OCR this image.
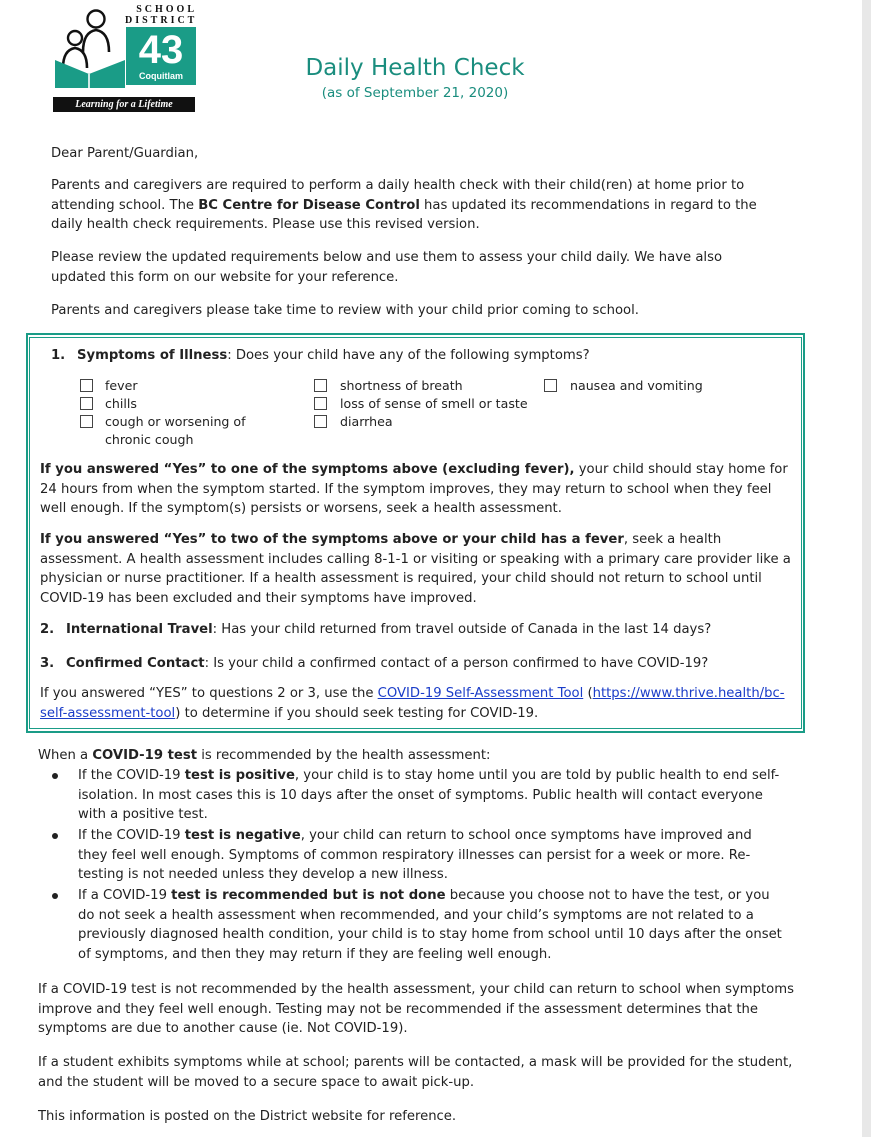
SCHOOL
DISTRICT
43
Coquitlam
Learning for a Lifetime
Daily Health Check
(as of September 21, 2020)

Dear Parent/Guardian,

Parents and caregivers are required to perform a daily health check with their child(ren) at home prior to attending school. The BC Centre for Disease Control has updated its recommendations in regard to the daily health check requirements. Please use this revised version.

Please review the updated requirements below and use them to assess your child daily. We have also updated this form on our website for your reference.

Parents and caregivers please take time to review with your child prior coming to school.

1. Symptoms of Illness: Does your child have any of the following symptoms?

fever
chills
cough or worsening of
chronic cough
shortness of breath
loss of sense of smell or taste
diarrhea
nausea and vomiting

If you answered “Yes” to one of the symptoms above (excluding fever), your child should stay home for 24 hours from when the symptom started. If the symptom improves, they may return to school when they feel well enough. If the symptom(s) persists or worsens, seek a health assessment.

If you answered “Yes” to two of the symptoms above or your child has a fever, seek a health assessment. A health assessment includes calling 8-1-1 or visiting or speaking with a primary care provider like a physician or nurse practitioner. If a health assessment is required, your child should not return to school until COVID-19 has been excluded and their symptoms have improved.

2. International Travel: Has your child returned from travel outside of Canada in the last 14 days?

3. Confirmed Contact: Is your child a confirmed contact of a person confirmed to have COVID-19?

If you answered “YES” to questions 2 or 3, use the COVID-19 Self-Assessment Tool (https://www.thrive.health/bc-self-assessment-tool) to determine if you should seek testing for COVID-19.

When a COVID-19 test is recommended by the health assessment:

If the COVID-19 test is positive, your child is to stay home until you are told by public health to end self-isolation. In most cases this is 10 days after the onset of symptoms. Public health will contact everyone with a positive test.

If the COVID-19 test is negative, your child can return to school once symptoms have improved and they feel well enough. Symptoms of common respiratory illnesses can persist for a week or more. Re-testing is not needed unless they develop a new illness.

If a COVID-19 test is recommended but is not done because you choose not to have the test, or you do not seek a health assessment when recommended, and your child’s symptoms are not related to a previously diagnosed health condition, your child is to stay home from school until 10 days after the onset of symptoms, and then they may return if they are feeling well enough.

If a COVID-19 test is not recommended by the health assessment, your child can return to school when symptoms improve and they feel well enough. Testing may not be recommended if the assessment determines that the symptoms are due to another cause (ie. Not COVID-19).

If a student exhibits symptoms while at school; parents will be contacted, a mask will be provided for the student, and the student will be moved to a secure space to await pick-up.

This information is posted on the District website for reference.
